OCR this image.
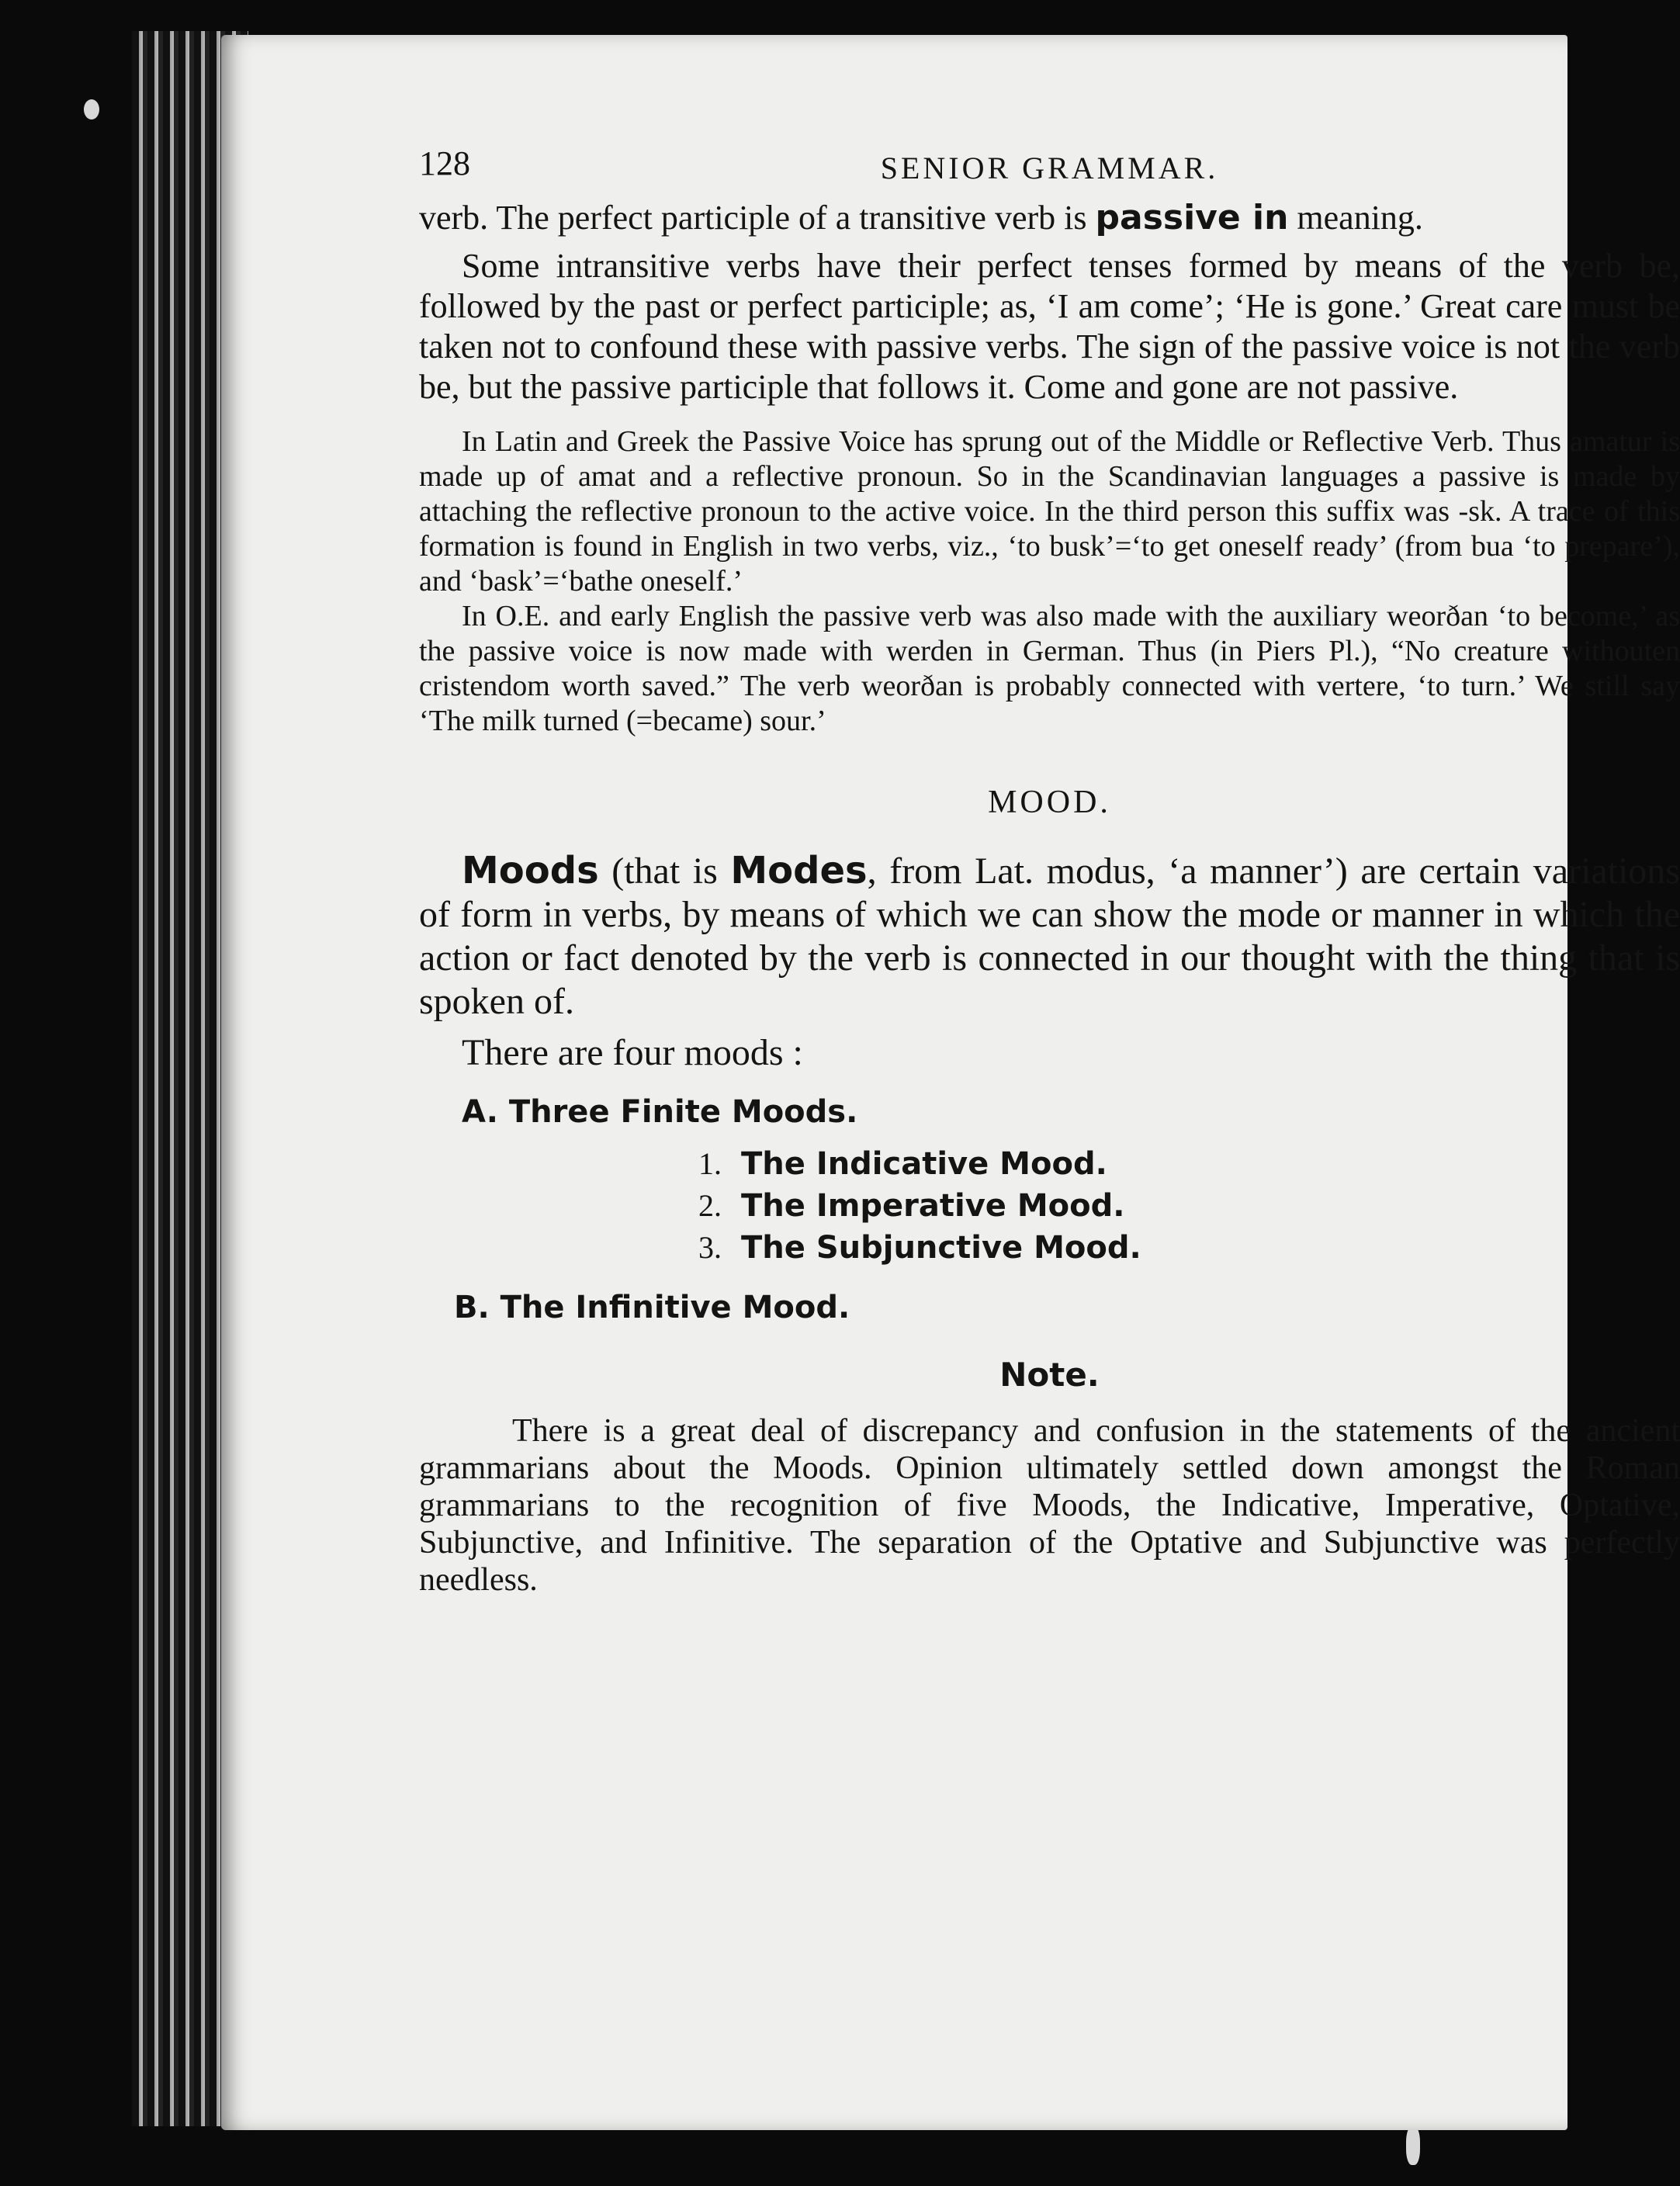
128	SENIOR GRAMMAR.

verb. The perfect participle of a transitive verb is passive in meaning.

Some intransitive verbs have their perfect tenses formed by means of the verb be, followed by the past or perfect participle; as, ‘I am come’; ‘He is gone.’ Great care must be taken not to confound these with passive verbs. The sign of the passive voice is not the verb be, but the passive participle that follows it. Come and gone are not passive.

In Latin and Greek the Passive Voice has sprung out of the Middle or Reflective Verb. Thus amatur is made up of amat and a reflective pronoun. So in the Scandinavian languages a passive is made by attaching the reflective pronoun to the active voice. In the third person this suffix was -sk. A trace of this formation is found in English in two verbs, viz., ‘to busk’=‘to get oneself ready’ (from bua ‘to prepare’), and ‘bask’=‘bathe oneself.’

In O.E. and early English the passive verb was also made with the auxiliary weorðan ‘to become,’ as the passive voice is now made with werden in German. Thus (in Piers Pl.), “No creature withouten cristendom worth saved.” The verb weorðan is probably connected with vertere, ‘to turn.’ We still say ‘The milk turned (=became) sour.’

MOOD.

Moods (that is Modes, from Lat. modus, ‘a manner’) are certain variations of form in verbs, by means of which we can show the mode or manner in which the action or fact denoted by the verb is connected in our thought with the thing that is spoken of.

There are four moods :

A. Three Finite Moods.
1. The Indicative Mood.
2. The Imperative Mood.
3. The Subjunctive Mood.
B. The Infinitive Mood.
Note.

There is a great deal of discrepancy and confusion in the statements of the ancient grammarians about the Moods. Opinion ultimately settled down amongst the Roman grammarians to the recognition of five Moods, the Indicative, Imperative, Optative, Subjunctive, and Infinitive. The separation of the Optative and Subjunctive was perfectly needless.
